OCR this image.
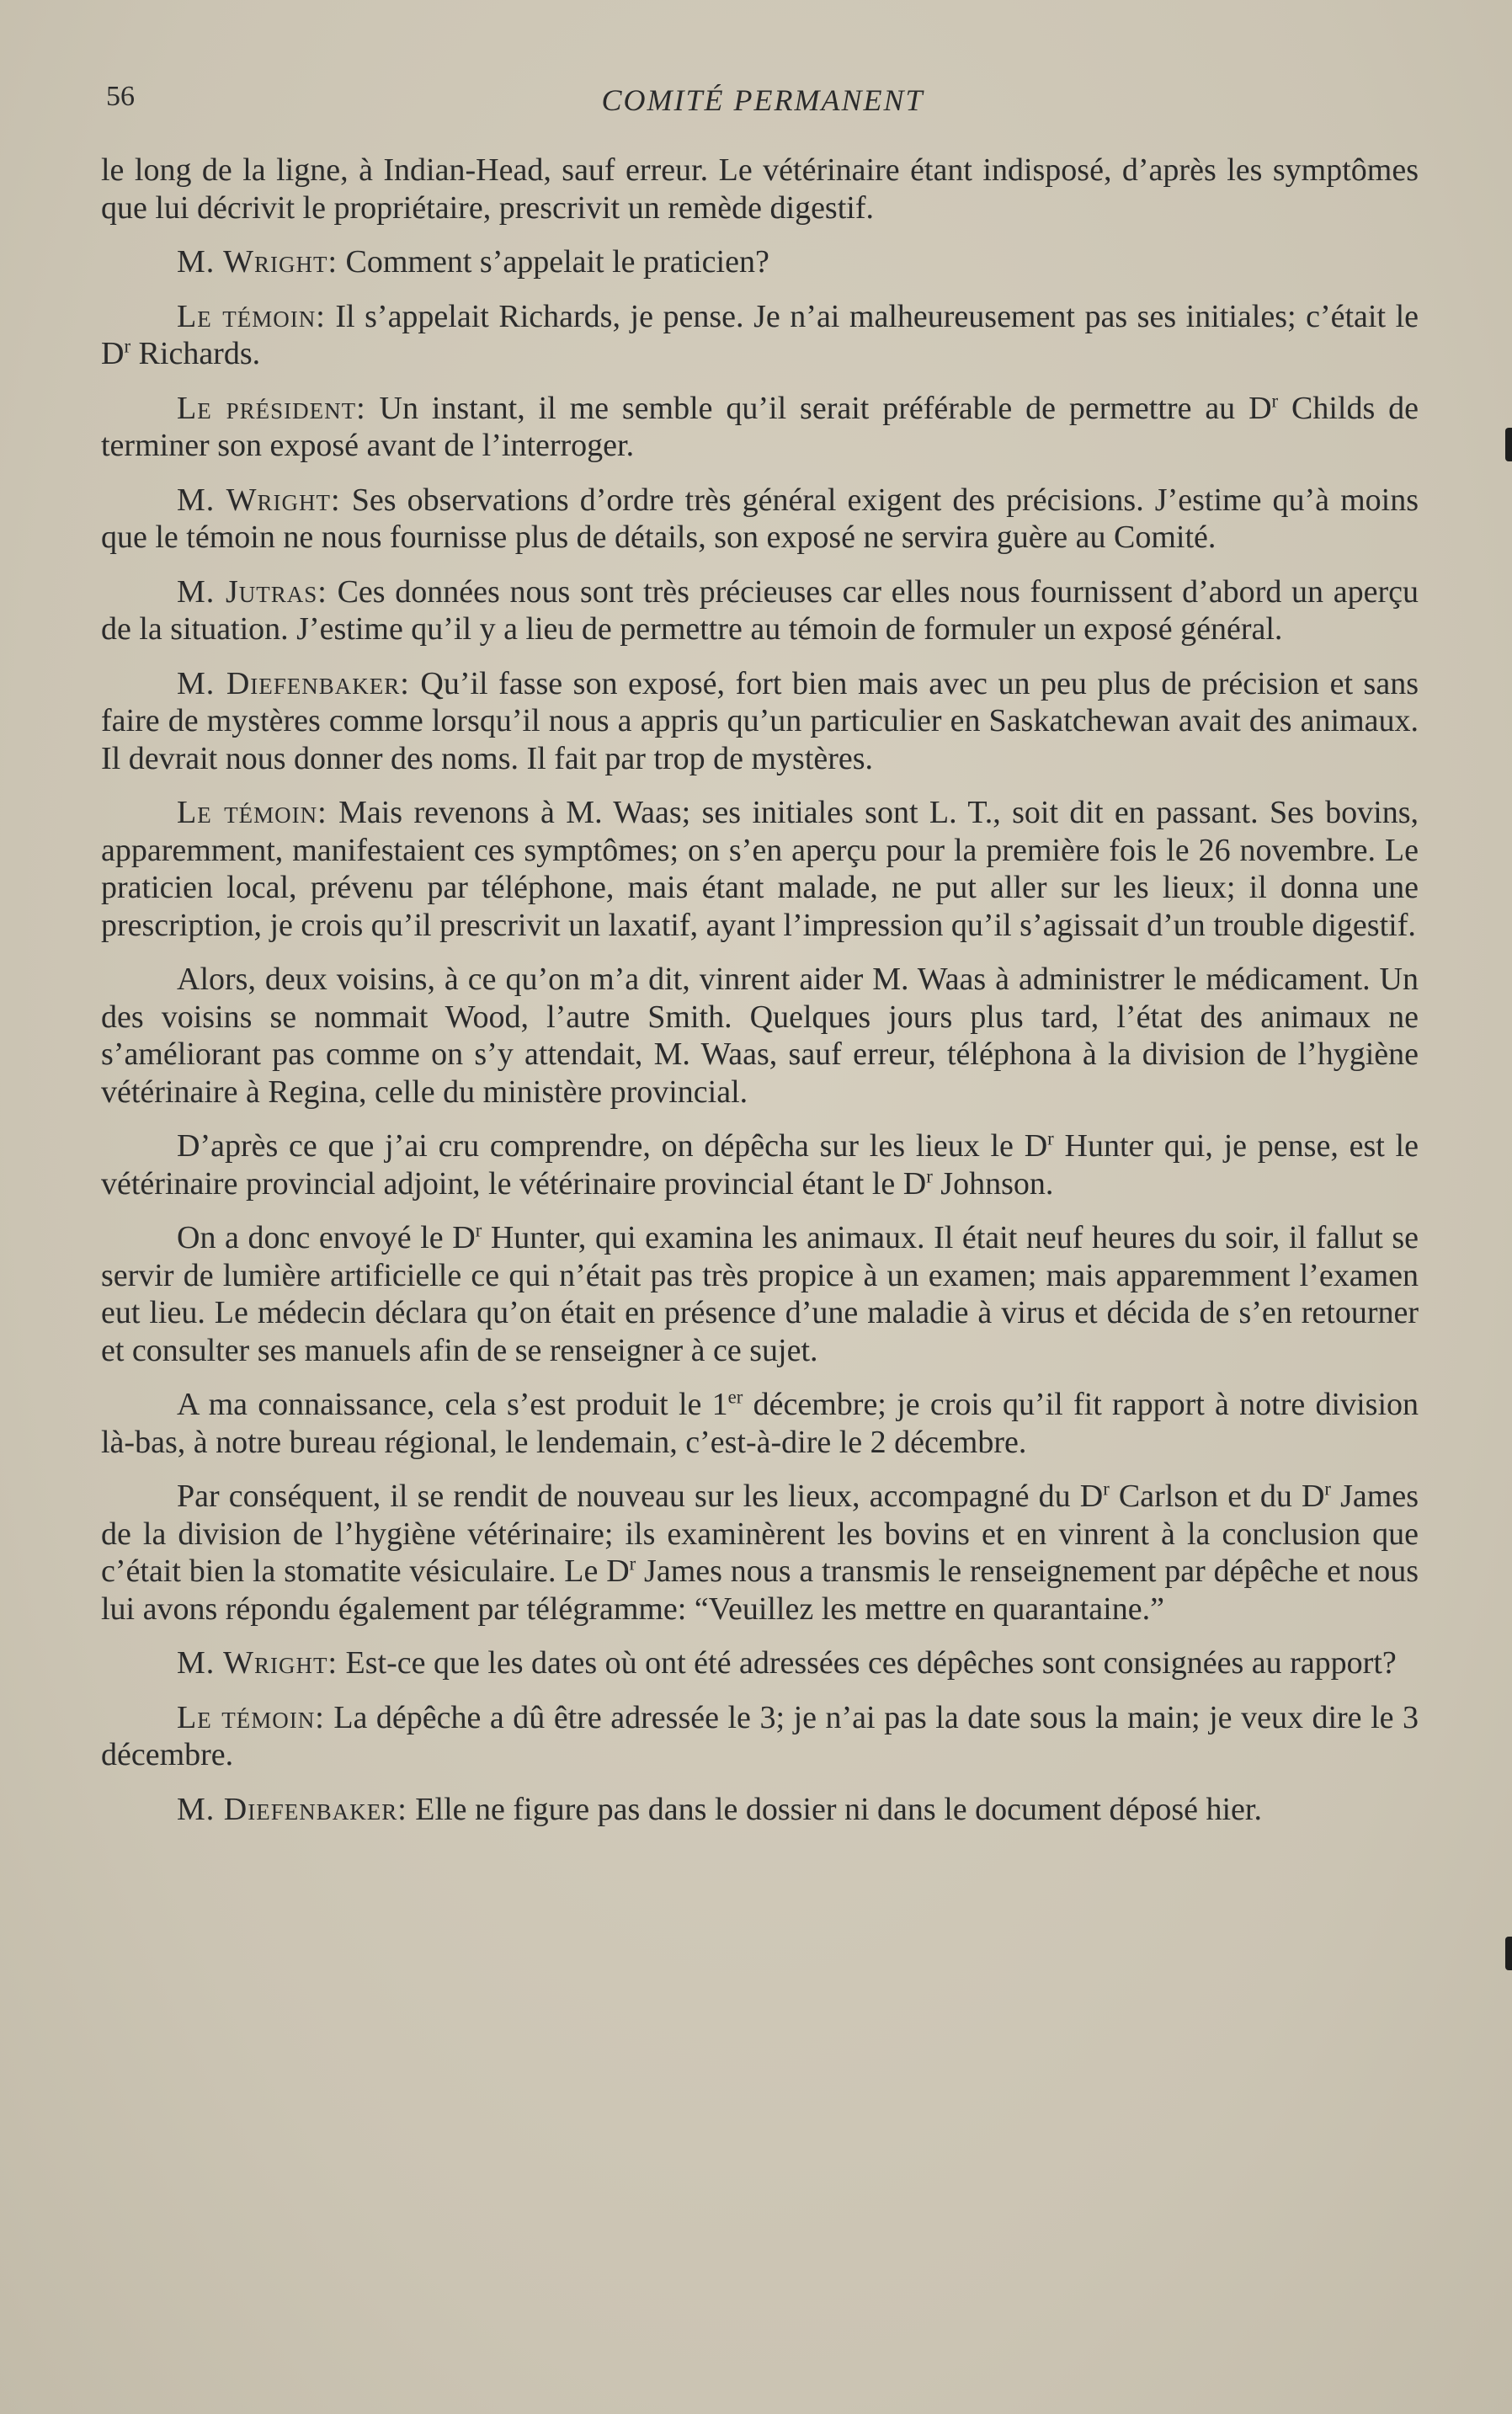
56	COMITÉ PERMANENT

le long de la ligne, à Indian-Head, sauf erreur. Le vétérinaire étant indisposé, d’après les symptômes que lui décrivit le propriétaire, prescrivit un remède digestif.

M. Wright: Comment s’appelait le praticien?

Le témoin: Il s’appelait Richards, je pense. Je n’ai malheureusement pas ses initiales; c’était le $D^r$ Richards.

Le président: Un instant, il me semble qu’il serait préférable de permettre au $D^r$ Childs de terminer son exposé avant de l’interroger.

M. Wright: Ses observations d’ordre très général exigent des précisions. J’estime qu’à moins que le témoin ne nous fournisse plus de détails, son exposé ne servira guère au Comité.

M. Jutras: Ces données nous sont très précieuses car elles nous fournissent d’abord un aperçu de la situation. J’estime qu’il y a lieu de permettre au témoin de formuler un exposé général.

M. Diefenbaker: Qu’il fasse son exposé, fort bien mais avec un peu plus de précision et sans faire de mystères comme lorsqu’il nous a appris qu’un particulier en Saskatchewan avait des animaux. Il devrait nous donner des noms. Il fait par trop de mystères.

Le témoin: Mais revenons à M. Waas; ses initiales sont L. T., soit dit en passant. Ses bovins, apparemment, manifestaient ces symptômes; on s’en aperçu pour la première fois le 26 novembre. Le praticien local, prévenu par téléphone, mais étant malade, ne put aller sur les lieux; il donna une prescription, je crois qu’il prescrivit un laxatif, ayant l’impression qu’il s’agissait d’un trouble digestif.

Alors, deux voisins, à ce qu’on m’a dit, vinrent aider M. Waas à administrer le médicament. Un des voisins se nommait Wood, l’autre Smith. Quelques jours plus tard, l’état des animaux ne s’améliorant pas comme on s’y attendait, M. Waas, sauf erreur, téléphona à la division de l’hygiène vétérinaire à Regina, celle du ministère provincial.

D’après ce que j’ai cru comprendre, on dépêcha sur les lieux le $D^r$ Hunter qui, je pense, est le vétérinaire provincial adjoint, le vétérinaire provincial étant le $D^r$ Johnson.

On a donc envoyé le $D^r$ Hunter, qui examina les animaux. Il était neuf heures du soir, il fallut se servir de lumière artificielle ce qui n’était pas très propice à un examen; mais apparemment l’examen eut lieu. Le médecin déclara qu’on était en présence d’une maladie à virus et décida de s’en retourner et consulter ses manuels afin de se renseigner à ce sujet.

A ma connaissance, cela s’est produit le 1er décembre; je crois qu’il fit rapport à notre division là-bas, à notre bureau régional, le lendemain, c’est-à-dire le 2 décembre.

Par conséquent, il se rendit de nouveau sur les lieux, accompagné du $D^r$ Carlson et du $D^r$ James de la division de l’hygiène vétérinaire; ils examinèrent les bovins et en vinrent à la conclusion que c’était bien la stomatite vésiculaire. Le $D^r$ James nous a transmis le renseignement par dépêche et nous lui avons répondu également par télégramme: “Veuillez les mettre en quarantaine.”

M. Wright: Est-ce que les dates où ont été adressées ces dépêches sont consignées au rapport?

Le témoin: La dépêche a dû être adressée le 3; je n’ai pas la date sous la main; je veux dire le 3 décembre.

M. Diefenbaker: Elle ne figure pas dans le dossier ni dans le document déposé hier.
